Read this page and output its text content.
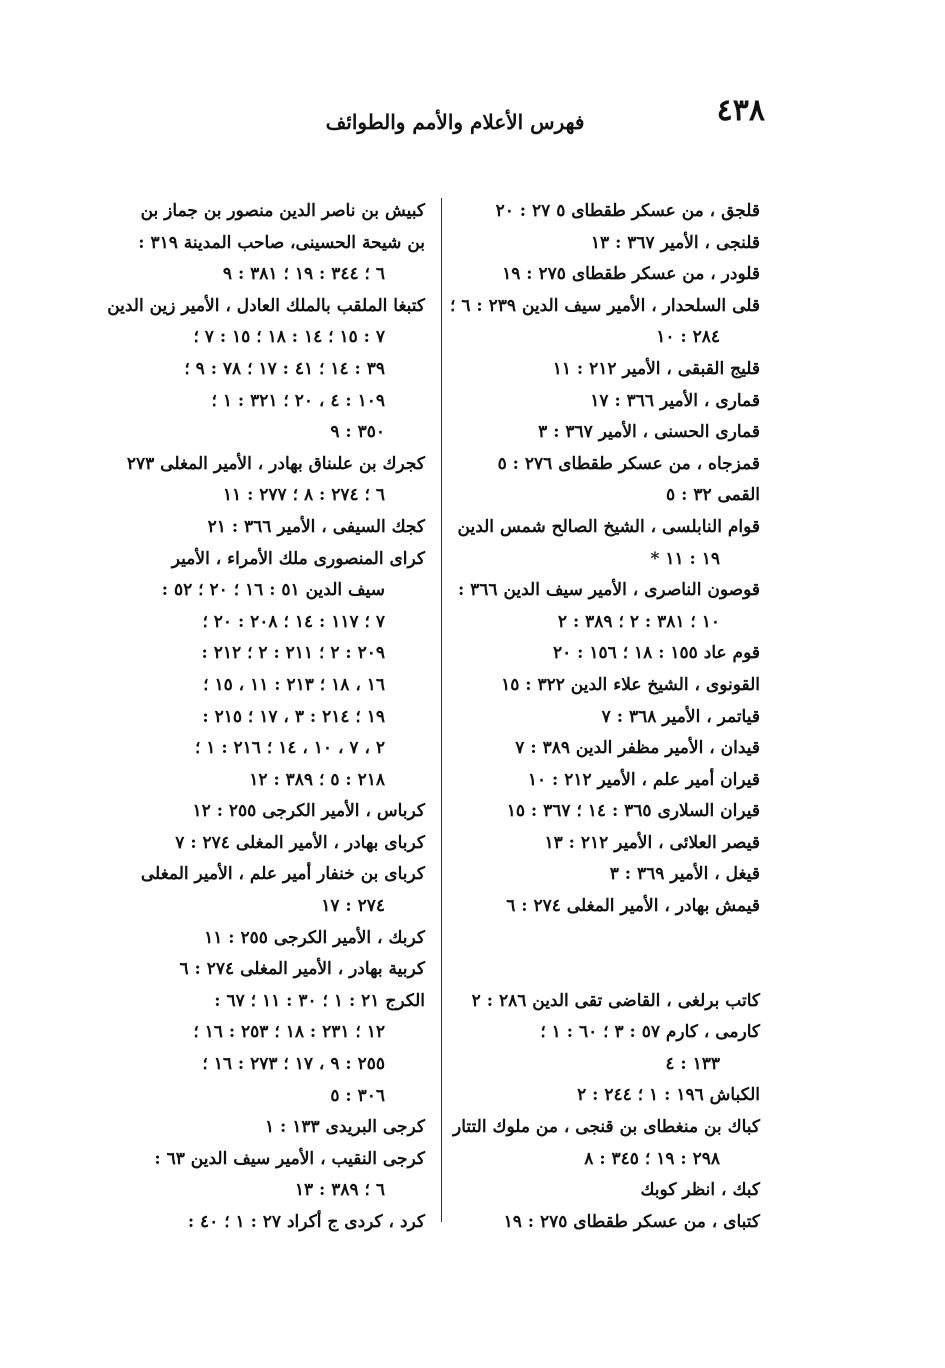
٤٣٨
فهرس الأعلام والأمم والطوائف
قلجق ، من عسكر طقطاى ٥ ٢٧ : ٢٠
قلنجى ، الأمير ٣٦٧ : ١٣
قلودر ، من عسكر طقطاى ٢٧٥ : ١٩
قلى السلحدار ، الأمير سيف الدين ٢٣٩ : ٦ ؛
٢٨٤ : ١٠
قليج القبقى ، الأمير ٢١٢ : ١١
قمارى ، الأمير ٣٦٦ : ١٧
قمارى الحسنى ، الأمير ٣٦٧ : ٣
قمزجاه ، من عسكر طقطاى ٢٧٦ : ٥
القمى ٣٢ : ٥
قوام النابلسى ، الشيخ الصالح شمس الدين
١٩ : ١١ *
قوصون الناصرى ، الأمير سيف الدين ٣٦٦ :
١٠ ؛ ٣٨١ : ٢ ؛ ٣٨٩ : ٢
قوم عاد ١٥٥ : ١٨ ؛ ١٥٦ : ٢٠
القونوى ، الشيخ علاء الدين ٣٢٢ : ١٥
قياتمر ، الأمير ٣٦٨ : ٧
قيدان ، الأمير مظفر الدين ٣٨٩ : ٧
قيران أمير علم ، الأمير ٢١٢ : ١٠
قيران السلارى ٣٦٥ : ١٤ ؛ ٣٦٧ : ١٥
قيصر العلائى ، الأمير ٢١٢ : ١٣
قيغل ، الأمير ٣٦٩ : ٣
قيمش بهادر ، الأمير المغلى ٢٧٤ : ٦
كاتب برلغى ، القاضى تقى الدين ٢٨٦ : ٢
كارمى ، كارم ٥٧ : ٣ ؛ ٦٠ : ١ ؛
١٣٣ : ٤
الكباش ١٩٦ : ١ ؛ ٢٤٤ : ٢
كباك بن منغطاى بن قنجى ، من ملوك التتار
٢٩٨ : ١٩ ؛ ٣٤٥ : ٨
كبك ، انظر كوبك
كتباى ، من عسكر طقطاى ٢٧٥ : ١٩
كبيش بن ناصر الدين منصور بن جماز بن
بن شيحة الحسينى، صاحب المدينة ٣١٩ :
٦ ؛ ٣٤٤ : ١٩ ؛ ٣٨١ : ٩
كتبغا الملقب بالملك العادل ، الأمير زين الدين
٧ : ١٥ ؛ ١٤ : ١٨ ؛ ١٥ : ٧ ؛
٣٩ : ١٤ ؛ ٤١ : ١٧ ؛ ٧٨ : ٩ ؛
١٠٩ : ٤ ، ٢٠ ؛ ٣٢١ : ١ ؛
٣٥٠ : ٩
كجرك بن علىناق بهادر ، الأمير المغلى ٢٧٣
٦ ؛ ٢٧٤ : ٨ ؛ ٢٧٧ : ١١
كجك السيفى ، الأمير ٣٦٦ : ٢١
كراى المنصورى ملك الأمراء ، الأمير
سيف الدين ٥١ : ١٦ ؛ ٢٠ ؛ ٥٢ :
٧ ؛ ١١٧ : ١٤ ؛ ٢٠٨ : ٢٠ ؛
٢٠٩ : ٢ ؛ ٢١١ : ٢ ؛ ٢١٢ :
١٦ ، ١٨ ؛ ٢١٣ : ١١ ، ١٥ ؛
١٩ ؛ ٢١٤ : ٣ ، ١٧ ؛ ٢١٥ :
٢ ، ٧ ، ١٠ ، ١٤ ؛ ٢١٦ : ١ ؛
٢١٨ : ٥ ؛ ٣٨٩ : ١٢
كرباس ، الأمير الكرجى ٢٥٥ : ١٢
كرباى بهادر ، الأمير المغلى ٢٧٤ : ٧
كرباى بن خنفار أمير علم ، الأمير المغلى
٢٧٤ : ١٧
كربك ، الأمير الكرجى ٢٥٥ : ١١
كربية بهادر ، الأمير المغلى ٢٧٤ : ٦
الكرج ٢١ : ١ ؛ ٣٠ : ١١ ؛ ٦٧ :
١٢ ؛ ٢٣١ : ١٨ ؛ ٢٥٣ : ١٦ ؛
٢٥٥ : ٩ ، ١٧ ؛ ٢٧٣ : ١٦ ؛
٣٠٦ : ٥
كرجى البريدى ١٣٣ : ١
كرجى النقيب ، الأمير سيف الدين ٦٣ :
٦ ؛ ٣٨٩ : ١٣
كرد ، كردى ج أكراد ٢٧ : ١ ؛ ٤٠ :
